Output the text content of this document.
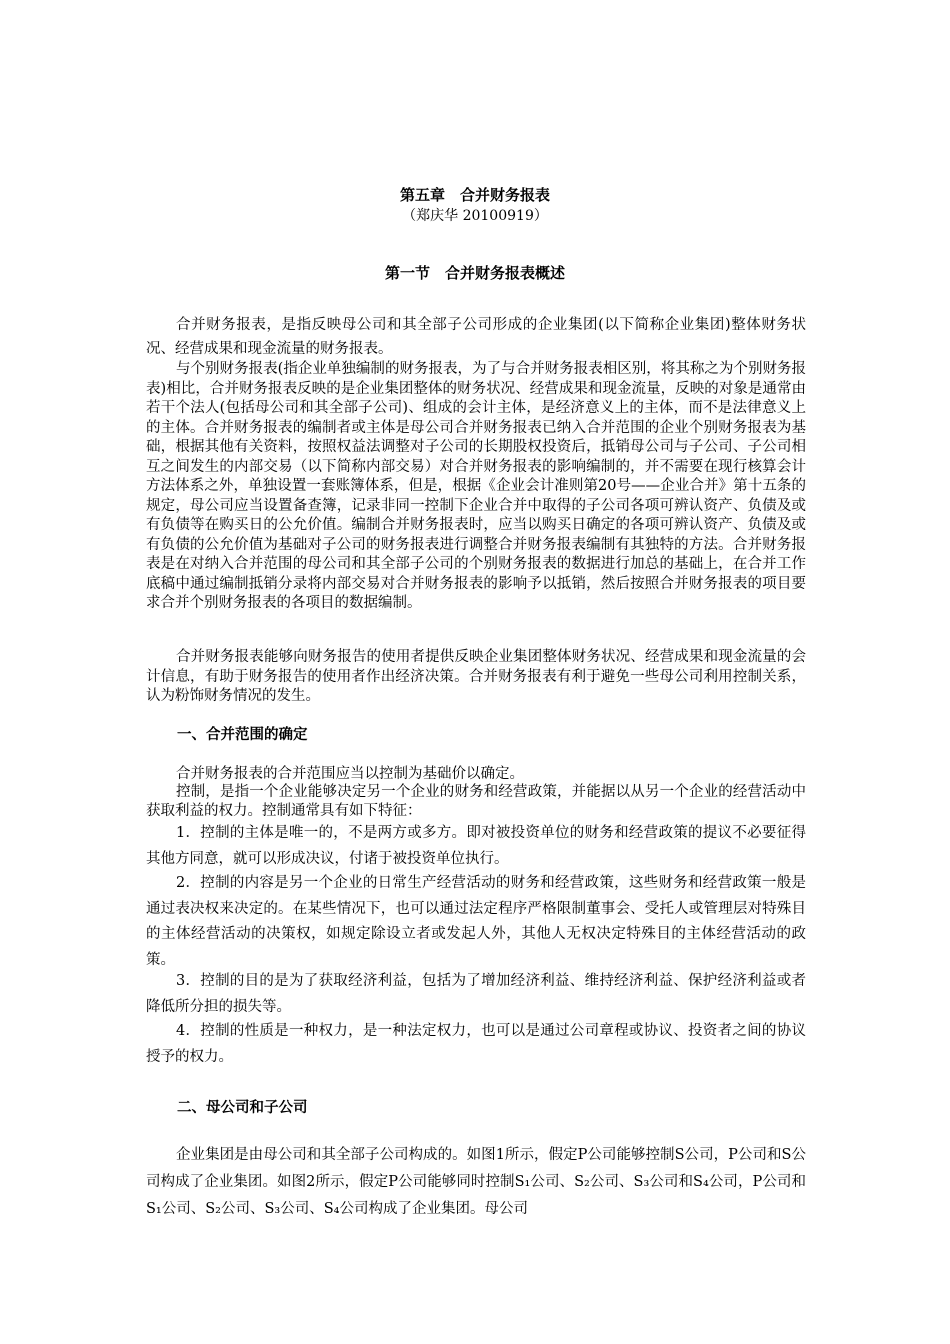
第五章　合并财务报表
（郑庆华 20100919）
第一节　合并财务报表概述

合并财务报表，是指反映母公司和其全部子公司形成的企业集团(以下简称企业集团)整体财务状况、经营成果和现金流量的财务报表。

与个别财务报表(指企业单独编制的财务报表，为了与合并财务报表相区别，将其称之为个别财务报表)相比，合并财务报表反映的是企业集团整体的财务状况、经营成果和现金流量，反映的对象是通常由若干个法人(包括母公司和其全部子公司)、组成的会计主体，是经济意义上的主体，而不是法律意义上的主体。合并财务报表的编制者或主体是母公司合并财务报表已纳入合并范围的企业个别财务报表为基础，根据其他有关资料，按照权益法调整对子公司的长期股权投资后，抵销母公司与子公司、子公司相互之间发生的内部交易（以下简称内部交易）对合并财务报表的影响编制的，并不需要在现行核算会计方法体系之外，单独设置一套账簿体系，但是，根据《企业会计准则第20号——企业合并》第十五条的规定，母公司应当设置备查簿，记录非同一控制下企业合并中取得的子公司各项可辨认资产、负债及或有负债等在购买日的公允价值。编制合并财务报表时，应当以购买日确定的各项可辨认资产、负债及或有负债的公允价值为基础对子公司的财务报表进行调整合并财务报表编制有其独特的方法。合并财务报表是在对纳入合并范围的母公司和其全部子公司的个别财务报表的数据进行加总的基础上，在合并工作底稿中通过编制抵销分录将内部交易对合并财务报表的影响予以抵销，然后按照合并财务报表的项目要求合并个别财务报表的各项目的数据编制。

合并财务报表能够向财务报告的使用者提供反映企业集团整体财务状况、经营成果和现金流量的会计信息，有助于财务报告的使用者作出经济决策。合并财务报表有利于避免一些母公司利用控制关系，认为粉饰财务情况的发生。

一、合并范围的确定

合并财务报表的合并范围应当以控制为基础价以确定。

控制，是指一个企业能够决定另一个企业的财务和经营政策，并能据以从另一个企业的经营活动中获取利益的权力。控制通常具有如下特征：

1．控制的主体是唯一的，不是两方或多方。即对被投资单位的财务和经营政策的提议不必要征得其他方同意，就可以形成决议，付诸于被投资单位执行。

2．控制的内容是另一个企业的日常生产经营活动的财务和经营政策，这些财务和经营政策一般是通过表决权来决定的。在某些情况下，也可以通过法定程序严格限制董事会、受托人或管理层对特殊目的主体经营活动的决策权，如规定除设立者或发起人外，其他人无权决定特殊目的主体经营活动的政策。

3．控制的目的是为了获取经济利益，包括为了增加经济利益、维持经济利益、保护经济利益或者降低所分担的损失等。

4．控制的性质是一种权力，是一种法定权力，也可以是通过公司章程或协议、投资者之间的协议授予的权力。

二、母公司和子公司

企业集团是由母公司和其全部子公司构成的。如图1所示，假定P公司能够控制S公司，P公司和S公司构成了企业集团。如图2所示，假定P公司能够同时控制S₁公司、S₂公司、S₃公司和S₄公司，P公司和S₁公司、S₂公司、S₃公司、S₄公司构成了企业集团。母公司
